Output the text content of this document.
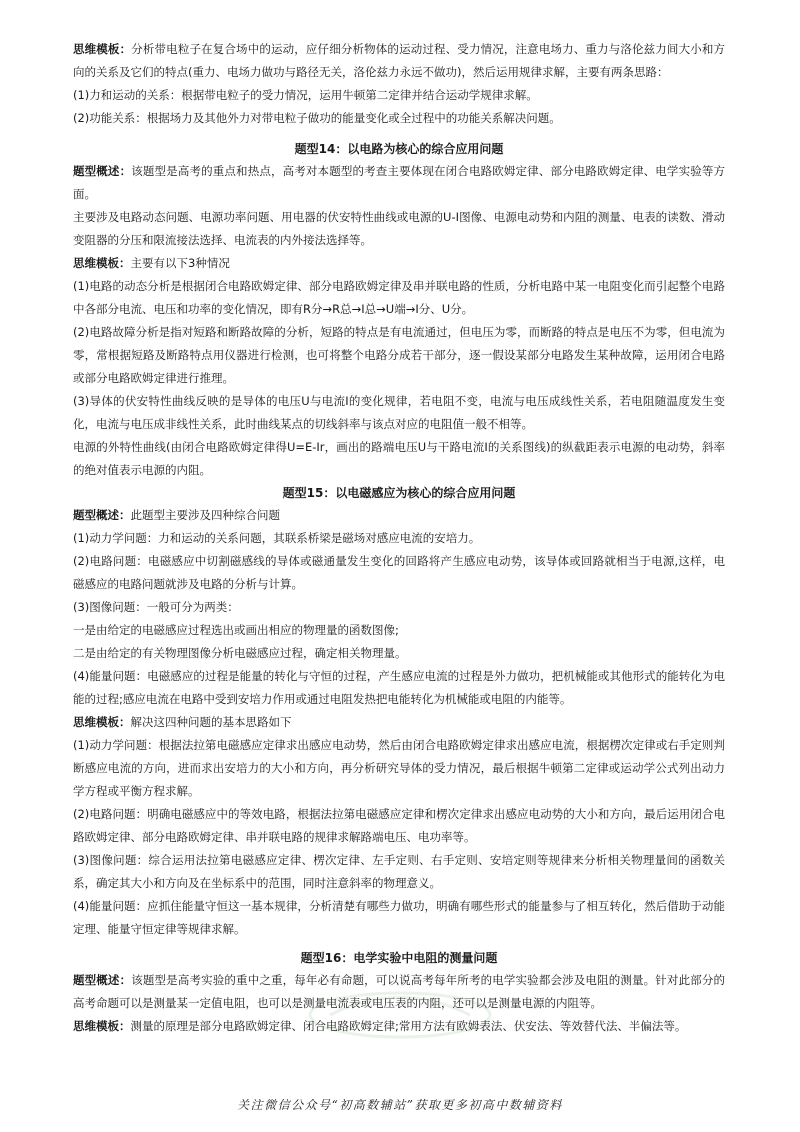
思维模板：分析带电粒子在复合场中的运动，应仔细分析物体的运动过程、受力情况，注意电场力、重力与洛伦兹力间大小和方向的关系及它们的特点(重力、电场力做功与路径无关，洛伦兹力永远不做功)，然后运用规律求解，主要有两条思路：

(1)力和运动的关系：根据带电粒子的受力情况，运用牛顿第二定律并结合运动学规律求解。

(2)功能关系：根据场力及其他外力对带电粒子做功的能量变化或全过程中的功能关系解决问题。

题型14：以电路为核心的综合应用问题

题型概述：该题型是高考的重点和热点，高考对本题型的考查主要体现在闭合电路欧姆定律、部分电路欧姆定律、电学实验等方面。

主要涉及电路动态问题、电源功率问题、用电器的伏安特性曲线或电源的U-I图像、电源电动势和内阻的测量、电表的读数、滑动变阻器的分压和限流接法选择、电流表的内外接法选择等。

思维模板：主要有以下3种情况

(1)电路的动态分析是根据闭合电路欧姆定律、部分电路欧姆定律及串并联电路的性质，分析电路中某一电阻变化而引起整个电路中各部分电流、电压和功率的变化情况，即有R分→R总→I总→U端→I分、U分。

(2)电路故障分析是指对短路和断路故障的分析，短路的特点是有电流通过，但电压为零，而断路的特点是电压不为零，但电流为零，常根据短路及断路特点用仪器进行检测，也可将整个电路分成若干部分，逐一假设某部分电路发生某种故障，运用闭合电路或部分电路欧姆定律进行推理。

(3)导体的伏安特性曲线反映的是导体的电压U与电流I的变化规律，若电阻不变，电流与电压成线性关系，若电阻随温度发生变化，电流与电压成非线性关系，此时曲线某点的切线斜率与该点对应的电阻值一般不相等。

电源的外特性曲线(由闭合电路欧姆定律得U=E-Ir，画出的路端电压U与干路电流I的关系图线)的纵截距表示电源的电动势，斜率的绝对值表示电源的内阻。

题型15：以电磁感应为核心的综合应用问题

题型概述：此题型主要涉及四种综合问题

(1)动力学问题：力和运动的关系问题，其联系桥梁是磁场对感应电流的安培力。

(2)电路问题：电磁感应中切割磁感线的导体或磁通量发生变化的回路将产生感应电动势，该导体或回路就相当于电源,这样，电磁感应的电路问题就涉及电路的分析与计算。

(3)图像问题：一般可分为两类：

一是由给定的电磁感应过程选出或画出相应的物理量的函数图像;

二是由给定的有关物理图像分析电磁感应过程，确定相关物理量。

(4)能量问题：电磁感应的过程是能量的转化与守恒的过程，产生感应电流的过程是外力做功，把机械能或其他形式的能转化为电能的过程;感应电流在电路中受到安培力作用或通过电阻发热把电能转化为机械能或电阻的内能等。

思维模板：解决这四种问题的基本思路如下

(1)动力学问题：根据法拉第电磁感应定律求出感应电动势，然后由闭合电路欧姆定律求出感应电流，根据楞次定律或右手定则判断感应电流的方向，进而求出安培力的大小和方向，再分析研究导体的受力情况，最后根据牛顿第二定律或运动学公式列出动力学方程或平衡方程求解。

(2)电路问题：明确电磁感应中的等效电路，根据法拉第电磁感应定律和楞次定律求出感应电动势的大小和方向，最后运用闭合电路欧姆定律、部分电路欧姆定律、串并联电路的规律求解路端电压、电功率等。

(3)图像问题：综合运用法拉第电磁感应定律、楞次定律、左手定则、右手定则、安培定则等规律来分析相关物理量间的函数关系，确定其大小和方向及在坐标系中的范围，同时注意斜率的物理意义。

(4)能量问题：应抓住能量守恒这一基本规律，分析清楚有哪些力做功，明确有哪些形式的能量参与了相互转化，然后借助于动能定理、能量守恒定律等规律求解。

题型16：电学实验中电阻的测量问题

题型概述：该题型是高考实验的重中之重，每年必有命题，可以说高考每年所考的电学实验都会涉及电阻的测量。针对此部分的高考命题可以是测量某一定值电阻，也可以是测量电流表或电压表的内阻，还可以是测量电源的内阻等。

思维模板：测量的原理是部分电路欧姆定律、闭合电路欧姆定律;常用方法有欧姆表法、伏安法、等效替代法、半偏法等。

关注微信公众号“初高数辅站”获取更多初高中数辅资料
